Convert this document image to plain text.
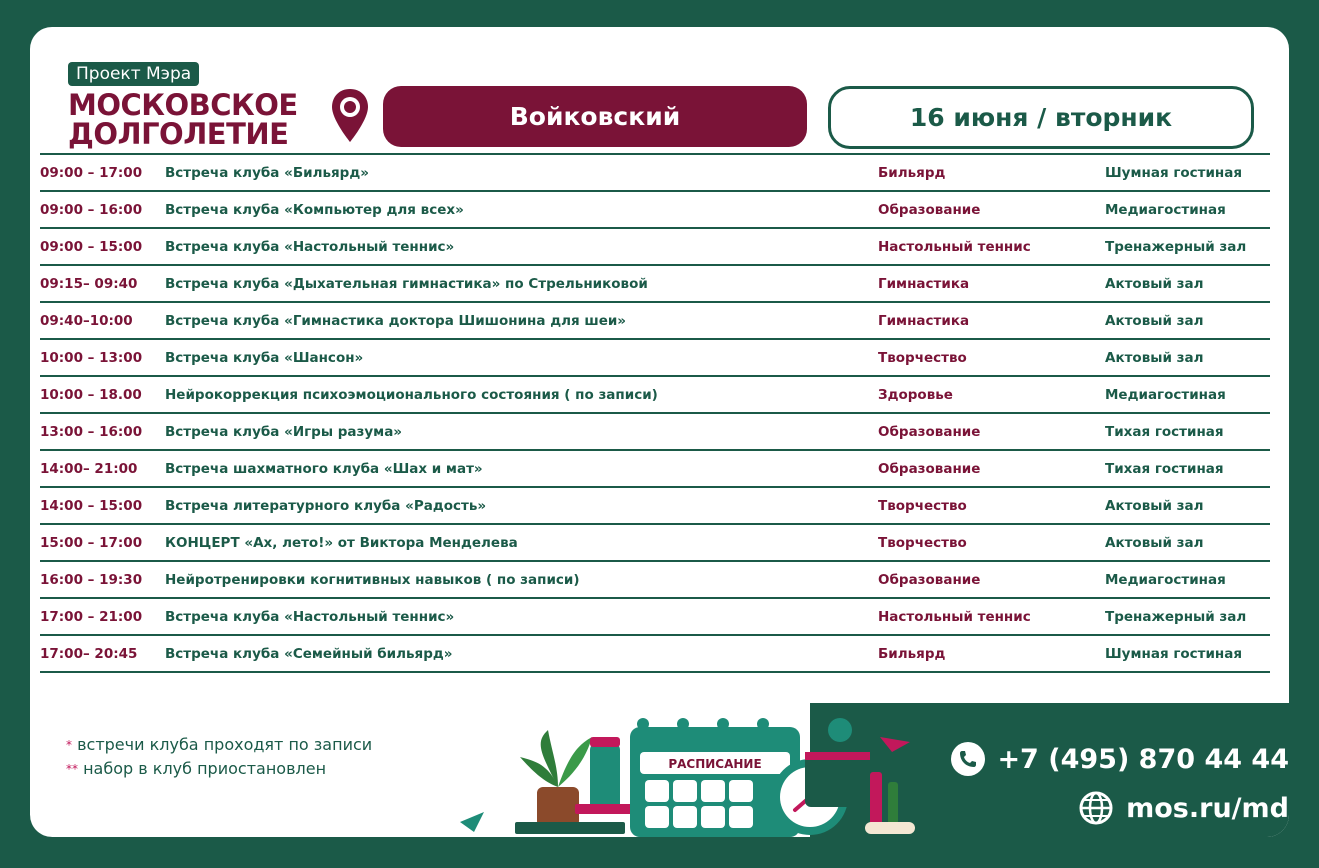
Проект Мэра
МОСКОВСКОЕ
ДОЛГОЛЕТИЕ
Войковский	16 июня / вторник
09:00 – 17:00	Встреча клуба «Бильярд»	Бильярд	Шумная гостиная
09:00 – 16:00	Встреча клуба «Компьютер для всех»	Образование	Медиагостиная
09:00 – 15:00	Встреча клуба «Настольный теннис»	Настольный теннис	Тренажерный зал
09:15– 09:40	Встреча клуба «Дыхательная гимнастика» по Стрельниковой	Гимнастика	Актовый зал
09:40–10:00	Встреча клуба «Гимнастика доктора Шишонина для шеи»	Гимнастика	Актовый зал
10:00 – 13:00	Встреча клуба «Шансон»	Творчество	Актовый зал
10:00 – 18.00	Нейрокоррекция психоэмоционального состояния ( по записи)	Здоровье	Медиагостиная
13:00 – 16:00	Встреча клуба «Игры разума»	Образование	Тихая гостиная
14:00– 21:00	Встреча шахматного клуба «Шах и мат»	Образование	Тихая гостиная
14:00 – 15:00	Встреча литературного клуба «Радость»	Творчество	Актовый зал
15:00 – 17:00	КОНЦЕРТ «Ах, лето!» от Виктора Менделева	Творчество	Актовый зал
16:00 – 19:30	Нейротренировки когнитивных навыков ( по записи)	Образование	Медиагостиная
17:00 – 21:00	Встреча клуба «Настольный теннис»	Настольный теннис	Тренажерный зал
17:00– 20:45	Встреча клуба «Семейный бильярд»	Бильярд	Шумная гостиная
* встречи клуба проходят по записи
** набор в клуб приостановлен	РАСПИСАНИЕ	+7 (495) 870 44 44
mos.ru/md
